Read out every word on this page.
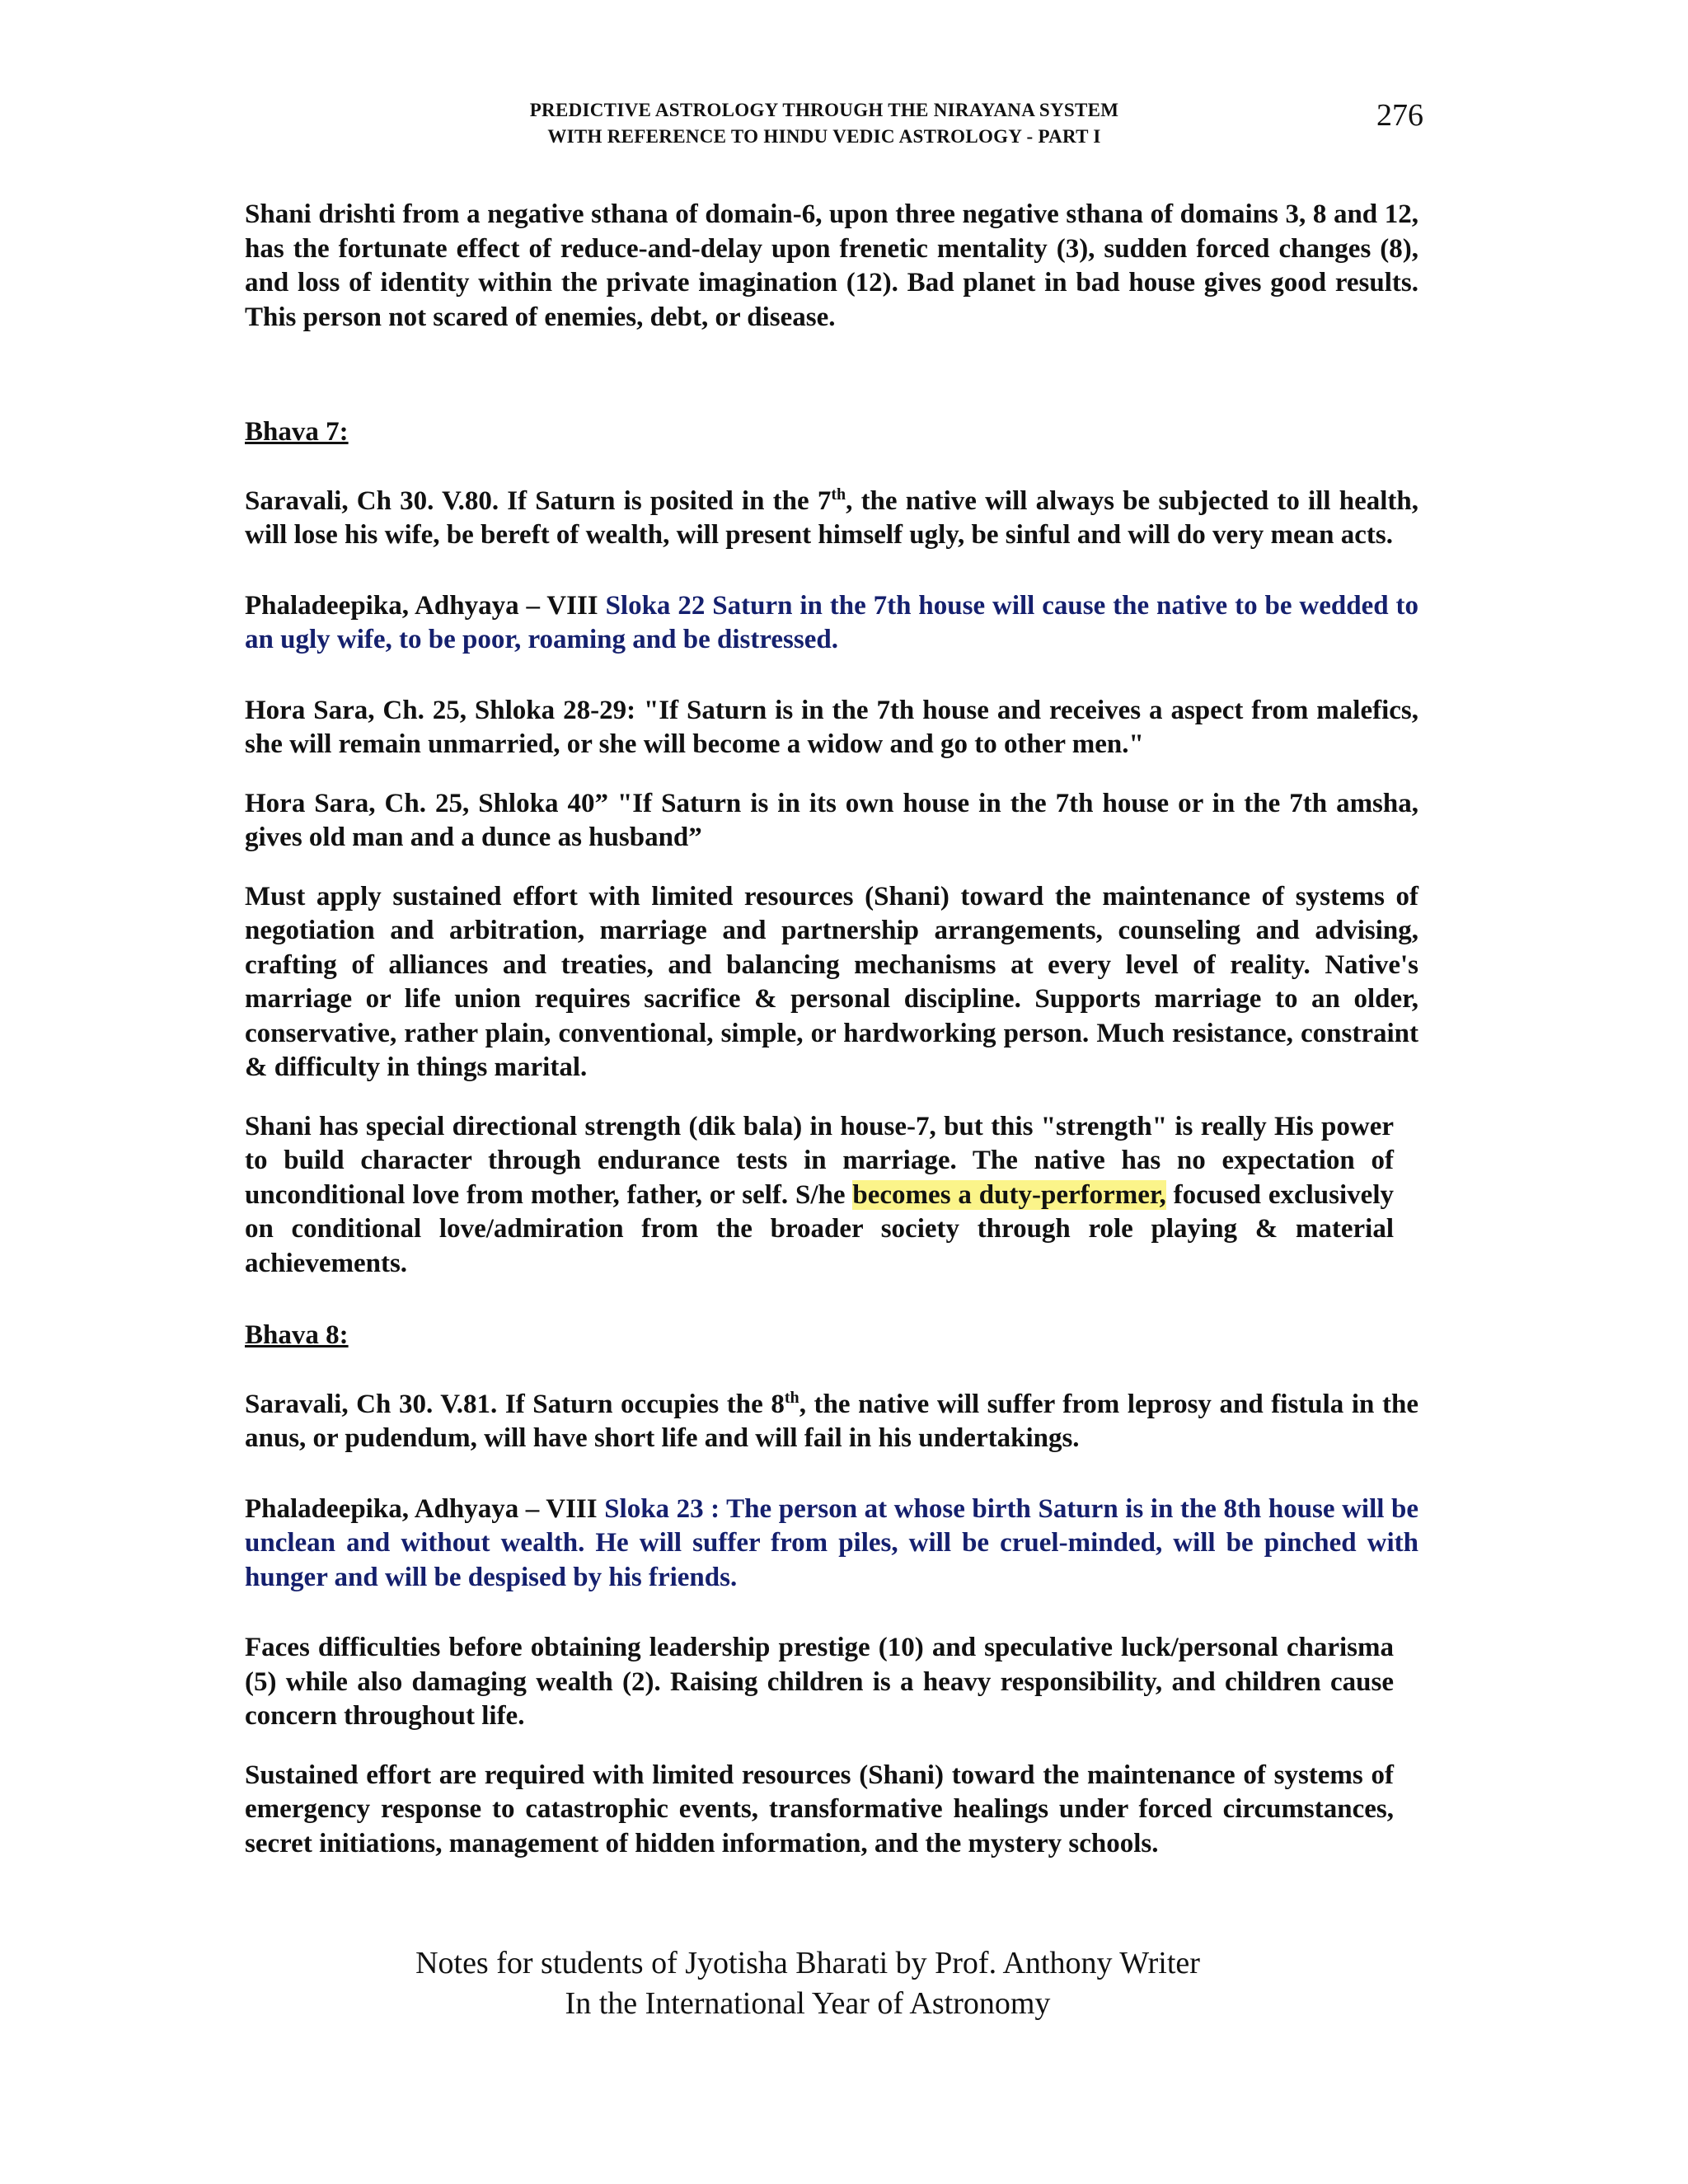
PREDICTIVE ASTROLOGY THROUGH THE NIRAYANA SYSTEM
WITH REFERENCE TO HINDU VEDIC ASTROLOGY - PART I
276

Shani drishti from a negative sthana of domain-6, upon three negative sthana of domains 3, 8 and 12, has the fortunate effect of reduce-and-delay upon frenetic mentality (3), sudden forced changes (8), and loss of identity within the private imagination (12). Bad planet in bad house gives good results. This person not scared of enemies, debt, or disease.

Bhava 7:

Saravali, Ch 30. V.80. If Saturn is posited in the 7th, the native will always be subjected to ill health, will lose his wife, be bereft of wealth, will present himself ugly, be sinful and will do very mean acts.

Phaladeepika, Adhyaya – VIII Sloka 22 Saturn in the 7th house will cause the native to be wedded to an ugly wife, to be poor, roaming and be distressed.

Hora Sara, Ch. 25, Shloka 28-29: "If Saturn is in the 7th house and receives a aspect from malefics, she will remain unmarried, or she will become a widow and go to other men."

Hora Sara, Ch. 25, Shloka 40” "If Saturn is in its own house in the 7th house or in the 7th amsha, gives old man and a dunce as husband”

Must apply sustained effort with limited resources (Shani) toward the maintenance of systems of negotiation and arbitration, marriage and partnership arrangements, counseling and advising, crafting of alliances and treaties, and balancing mechanisms at every level of reality. Native's marriage or life union requires sacrifice & personal discipline. Supports marriage to an older, conservative, rather plain, conventional, simple, or hardworking person. Much resistance, constraint & difficulty in things marital.

Shani has special directional strength (dik bala) in house-7, but this "strength" is really His power to build character through endurance tests in marriage. The native has no expectation of unconditional love from mother, father, or self. S/he becomes a duty-performer, focused exclusively on conditional love/admiration from the broader society through role playing & material achievements.

Bhava 8:

Saravali, Ch 30. V.81. If Saturn occupies the 8th, the native will suffer from leprosy and fistula in the anus, or pudendum, will have short life and will fail in his undertakings.

Phaladeepika, Adhyaya – VIII Sloka 23 : The person at whose birth Saturn is in the 8th house will be unclean and without wealth. He will suffer from piles, will be cruel-minded, will be pinched with hunger and will be despised by his friends.

Faces difficulties before obtaining leadership prestige (10) and speculative luck/personal charisma (5) while also damaging wealth (2). Raising children is a heavy responsibility, and children cause concern throughout life.

Sustained effort are required with limited resources (Shani) toward the maintenance of systems of emergency response to catastrophic events, transformative healings under forced circumstances, secret initiations, management of hidden information, and the mystery schools.

Notes for students of Jyotisha Bharati by Prof. Anthony Writer
In the International Year of Astronomy
